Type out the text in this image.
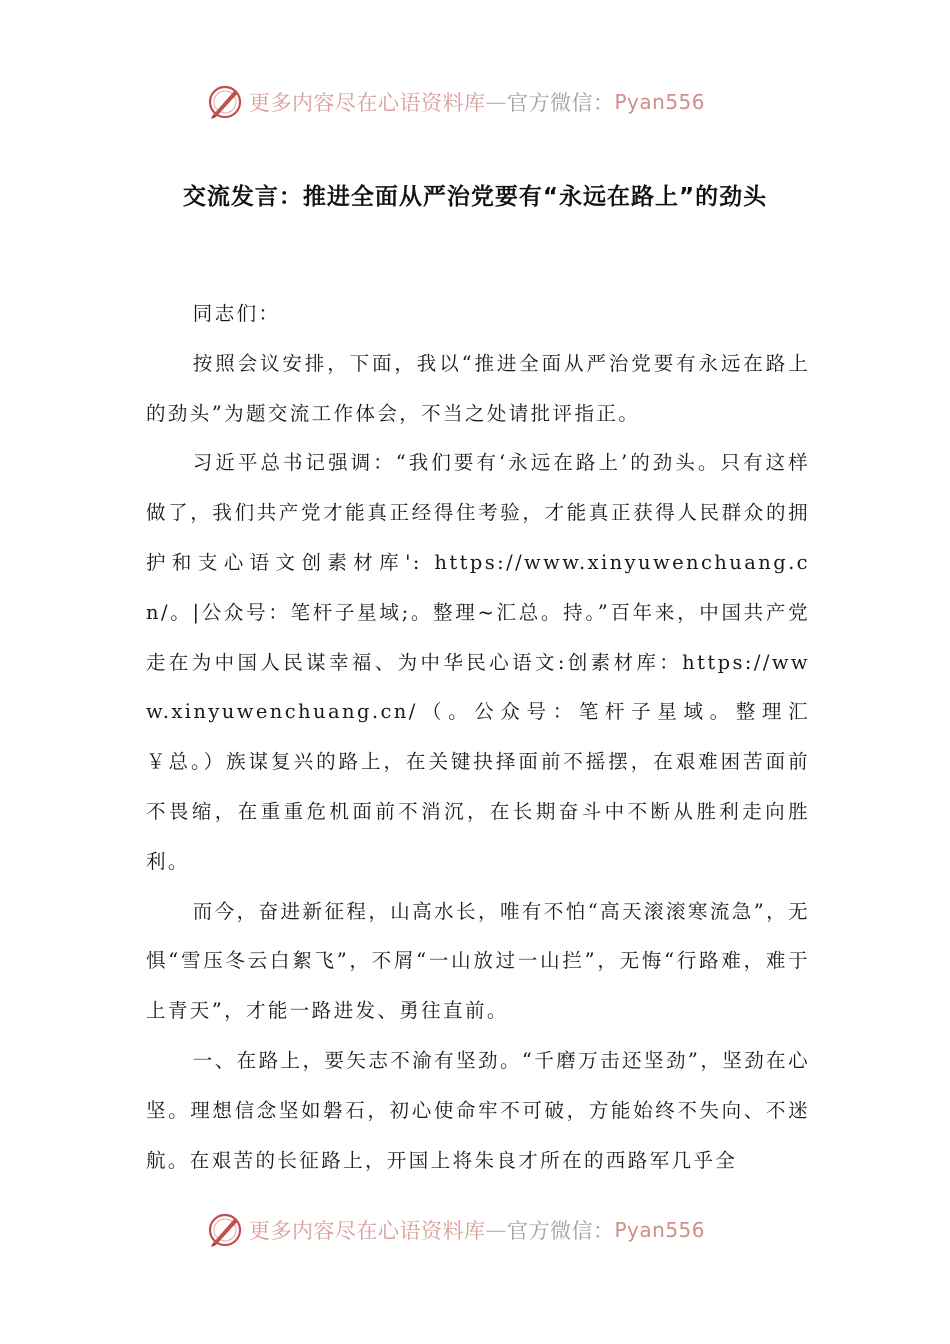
更多内容尽在心语资料库 — 官方微信： Pyan556
交流发言：推进全面从严治党要有“永远在路上”的劲头

同志们：

按照会议安排，下面，我以“推进全面从严治党要有永远在路上的劲头”为题交流工作体会，不当之处请批评指正。

习近平总书记强调：“我们要有‘永远在路上’的劲头。只有这样做了，我们共产党才能真正经得住考验，才能真正获得人民群众的拥护和支心语文创素材库': https://www.xinyuwenchuang.cn/。|公众号：笔杆子星域;。整理~汇总。持。”百年来，中国共产党走在为中国人民谋幸福、为中华民心语文:创素材库：https://www.xinyuwenchuang.cn/（。公众号：笔杆子星域。整理汇￥总。）族谋复兴的路上，在关键抉择面前不摇摆，在艰难困苦面前不畏缩，在重重危机面前不消沉，在长期奋斗中不断从胜利走向胜利。

而今，奋进新征程，山高水长，唯有不怕“高天滚滚寒流急”，无惧“雪压冬云白絮飞”，不屑“一山放过一山拦”，无悔“行路难，难于上青天”，才能一路进发、勇往直前。

一、在路上，要矢志不渝有坚劲。“千磨万击还坚劲”，坚劲在心坚。理想信念坚如磐石，初心使命牢不可破，方能始终不失向、不迷航。在艰苦的长征路上，开国上将朱良才所在的西路军几乎全

更多内容尽在心语资料库 — 官方微信： Pyan556
